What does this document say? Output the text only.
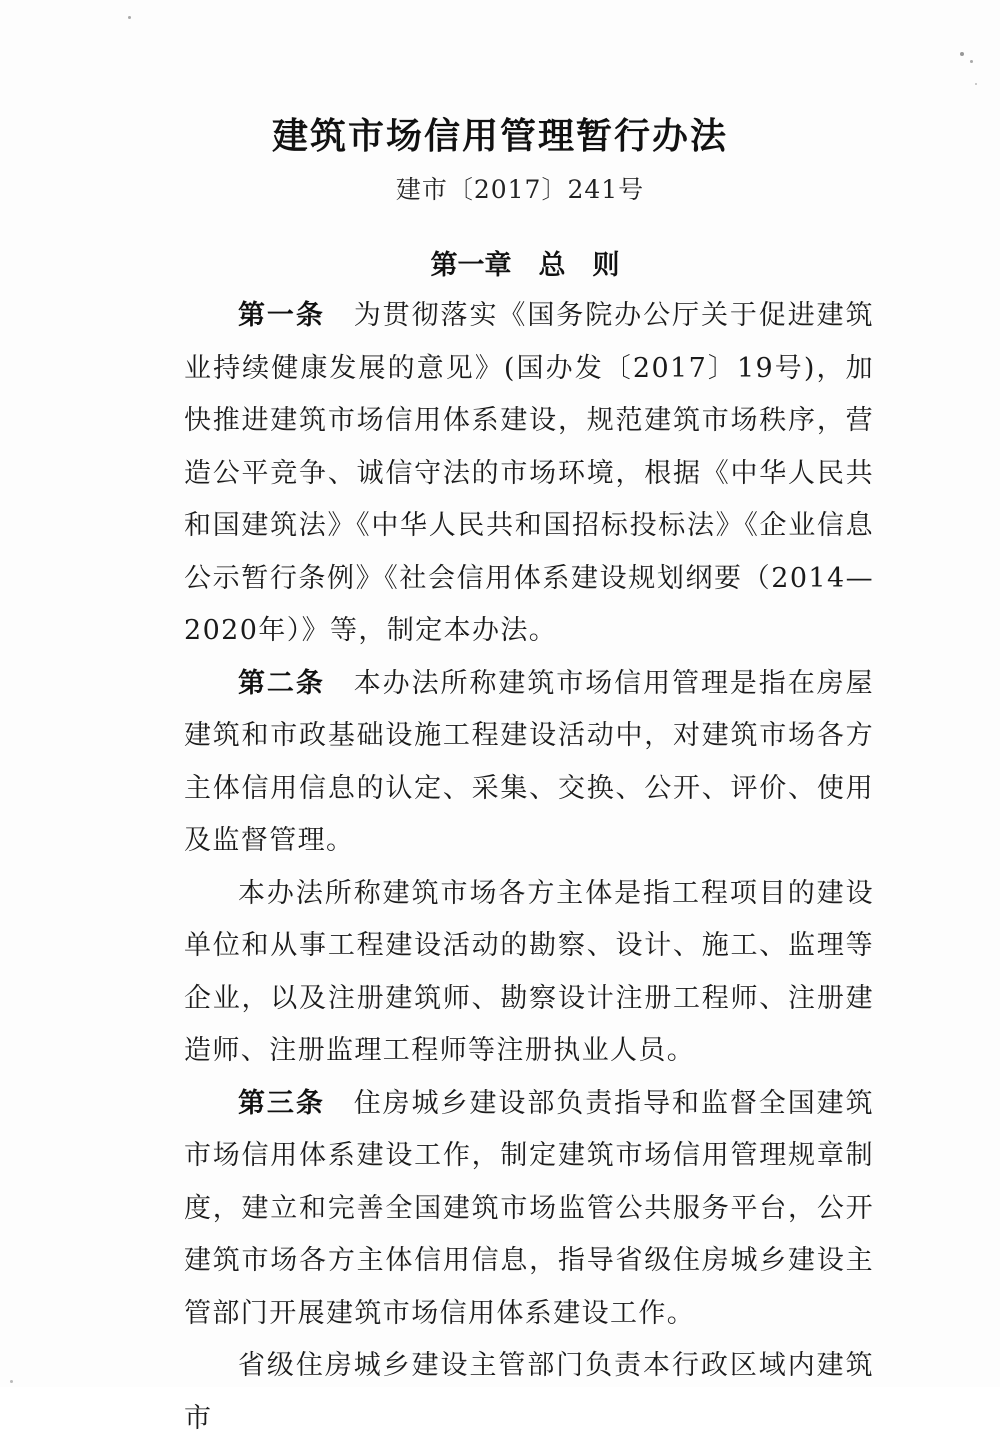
建筑市场信用管理暂行办法
建市〔2017〕241号
第一章　总　则

第一条  为贯彻落实《国务院办公厅关于促进建筑业持续健康发展的意见》(国办发〔2017〕19号)，加快推进建筑市场信用体系建设，规范建筑市场秩序，营造公平竞争、诚信守法的市场环境，根据《中华人民共和国建筑法》《中华人民共和国招标投标法》《企业信息公示暂行条例》《社会信用体系建设规划纲要（2014—2020年）》等，制定本办法。

第二条  本办法所称建筑市场信用管理是指在房屋建筑和市政基础设施工程建设活动中，对建筑市场各方主体信用信息的认定、采集、交换、公开、评价、使用及监督管理。

本办法所称建筑市场各方主体是指工程项目的建设单位和从事工程建设活动的勘察、设计、施工、监理等企业，以及注册建筑师、勘察设计注册工程师、注册建造师、注册监理工程师等注册执业人员。

第三条  住房城乡建设部负责指导和监督全国建筑市场信用体系建设工作，制定建筑市场信用管理规章制度，建立和完善全国建筑市场监管公共服务平台，公开建筑市场各方主体信用信息，指导省级住房城乡建设主管部门开展建筑市场信用体系建设工作。

省级住房城乡建设主管部门负责本行政区域内建筑市
